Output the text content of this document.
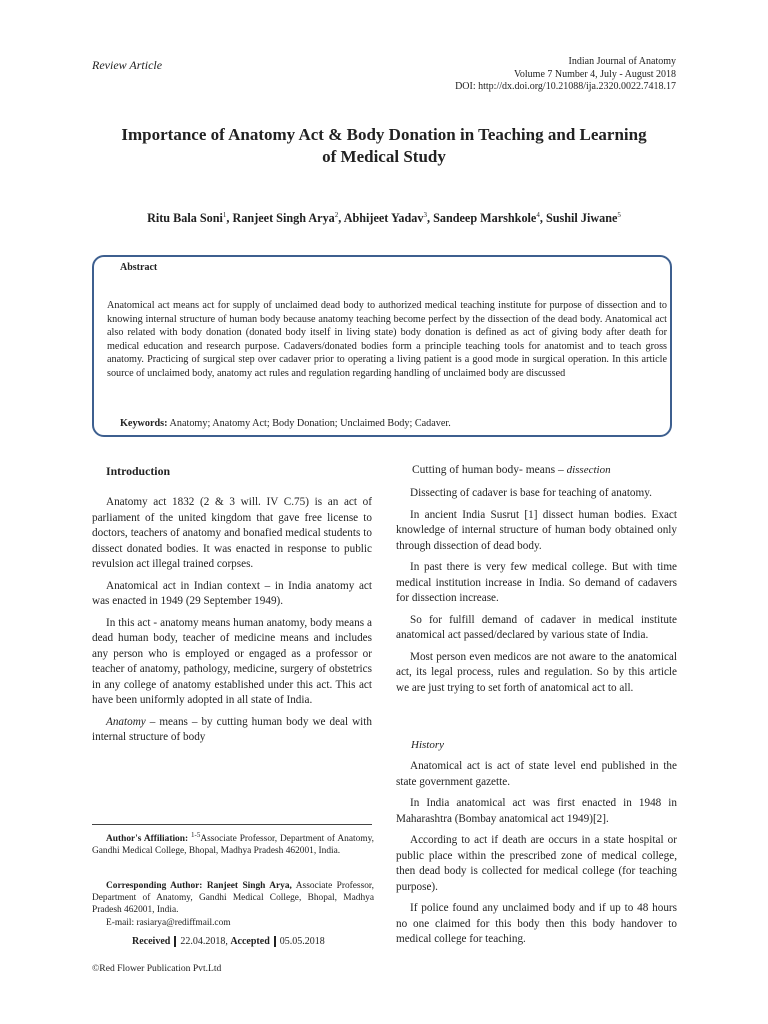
Review Article	Indian Journal of Anatomy
Volume 7 Number 4, July - August 2018
DOI: http://dx.doi.org/10.21088/ija.2320.0022.7418.17
Importance of Anatomy Act & Body Donation in Teaching and Learning
of Medical Study
Ritu Bala Soni$^1$, Ranjeet Singh Arya$^2$, Abhijeet Yadav$^3$, Sandeep Marshkole$^4$, Sushil Jiwane$^5$
Abstract
Anatomical act means act for supply of unclaimed dead body to authorized medical teaching institute for purpose of dissection and to knowing internal structure of human body because anatomy teaching become perfect by the dissection of the dead body. Anatomical act also related with body donation (donated body itself in living state) body donation is defined as act of giving body after death for medical education and research purpose. Cadavers/donated bodies form a principle teaching tools for anatomist and to teach gross anatomy. Practicing of surgical step over cadaver prior to operating a living patient is a good mode in surgical operation. In this article source of unclaimed body, anatomy act rules and regulation regarding handling of unclaimed body are discussed
Keywords: Anatomy; Anatomy Act; Body Donation; Unclaimed Body; Cadaver.
Introduction

Anatomy act 1832 (2 & 3 will. IV C.75) is an act of parliament of the united kingdom that gave free license to doctors, teachers of anatomy and bonafied medical students to dissect donated bodies. It was enacted in response to public revulsion act illegal trained corpses.

Anatomical act in Indian context – in India anatomy act was enacted in 1949 (29 September 1949).

In this act - anatomy means human anatomy, body means a dead human body, teacher of medicine means and includes any person who is employed or engaged as a professor or teacher of anatomy, pathology, medicine, surgery of obstetrics in any college of anatomy established under this act. This act have been uniformly adopted in all state of India.

Anatomy – means – by cutting human body we deal with internal structure of body

Cutting of human body- means – dissection

Dissecting of cadaver is base for teaching of anatomy.

In ancient India Susrut [1] dissect human bodies. Exact knowledge of internal structure of human body obtained only through dissection of dead body.

In past there is very few medical college. But with time medical institution increase in India. So demand of cadavers for dissection increase.

So for fulfill demand of cadaver in medical institute anatomical act passed/declared by various state of India.

Most person even medicos are not aware to the anatomical act, its legal process, rules and regulation. So by this article we are just trying to set forth of anatomical act to all.

History

Anatomical act is act of state level end published in the state government gazette.

In India anatomical act was first enacted in 1948 in Maharashtra (Bombay anatomical act 1949)[2].

According to act if death are occurs in a state hospital or public place within the prescribed zone of medical college, then dead body is collected for medical college (for teaching purpose).

If police found any unclaimed body and if up to 48 hours no one claimed for this body then this body handover to medical college for teaching.

Author's Affiliation: $^{1-5}$Associate Professor, Department of Anatomy, Gandhi Medical College, Bhopal, Madhya Pradesh 462001, India.
Corresponding Author: Ranjeet Singh Arya, Associate Professor, Department of Anatomy, Gandhi Medical College, Bhopal, Madhya Pradesh 462001, India.
E-mail: rasiarya@rediffmail.com
Received 22.04.2018, Accepted 05.05.2018
©Red Flower Publication Pvt.Ltd
